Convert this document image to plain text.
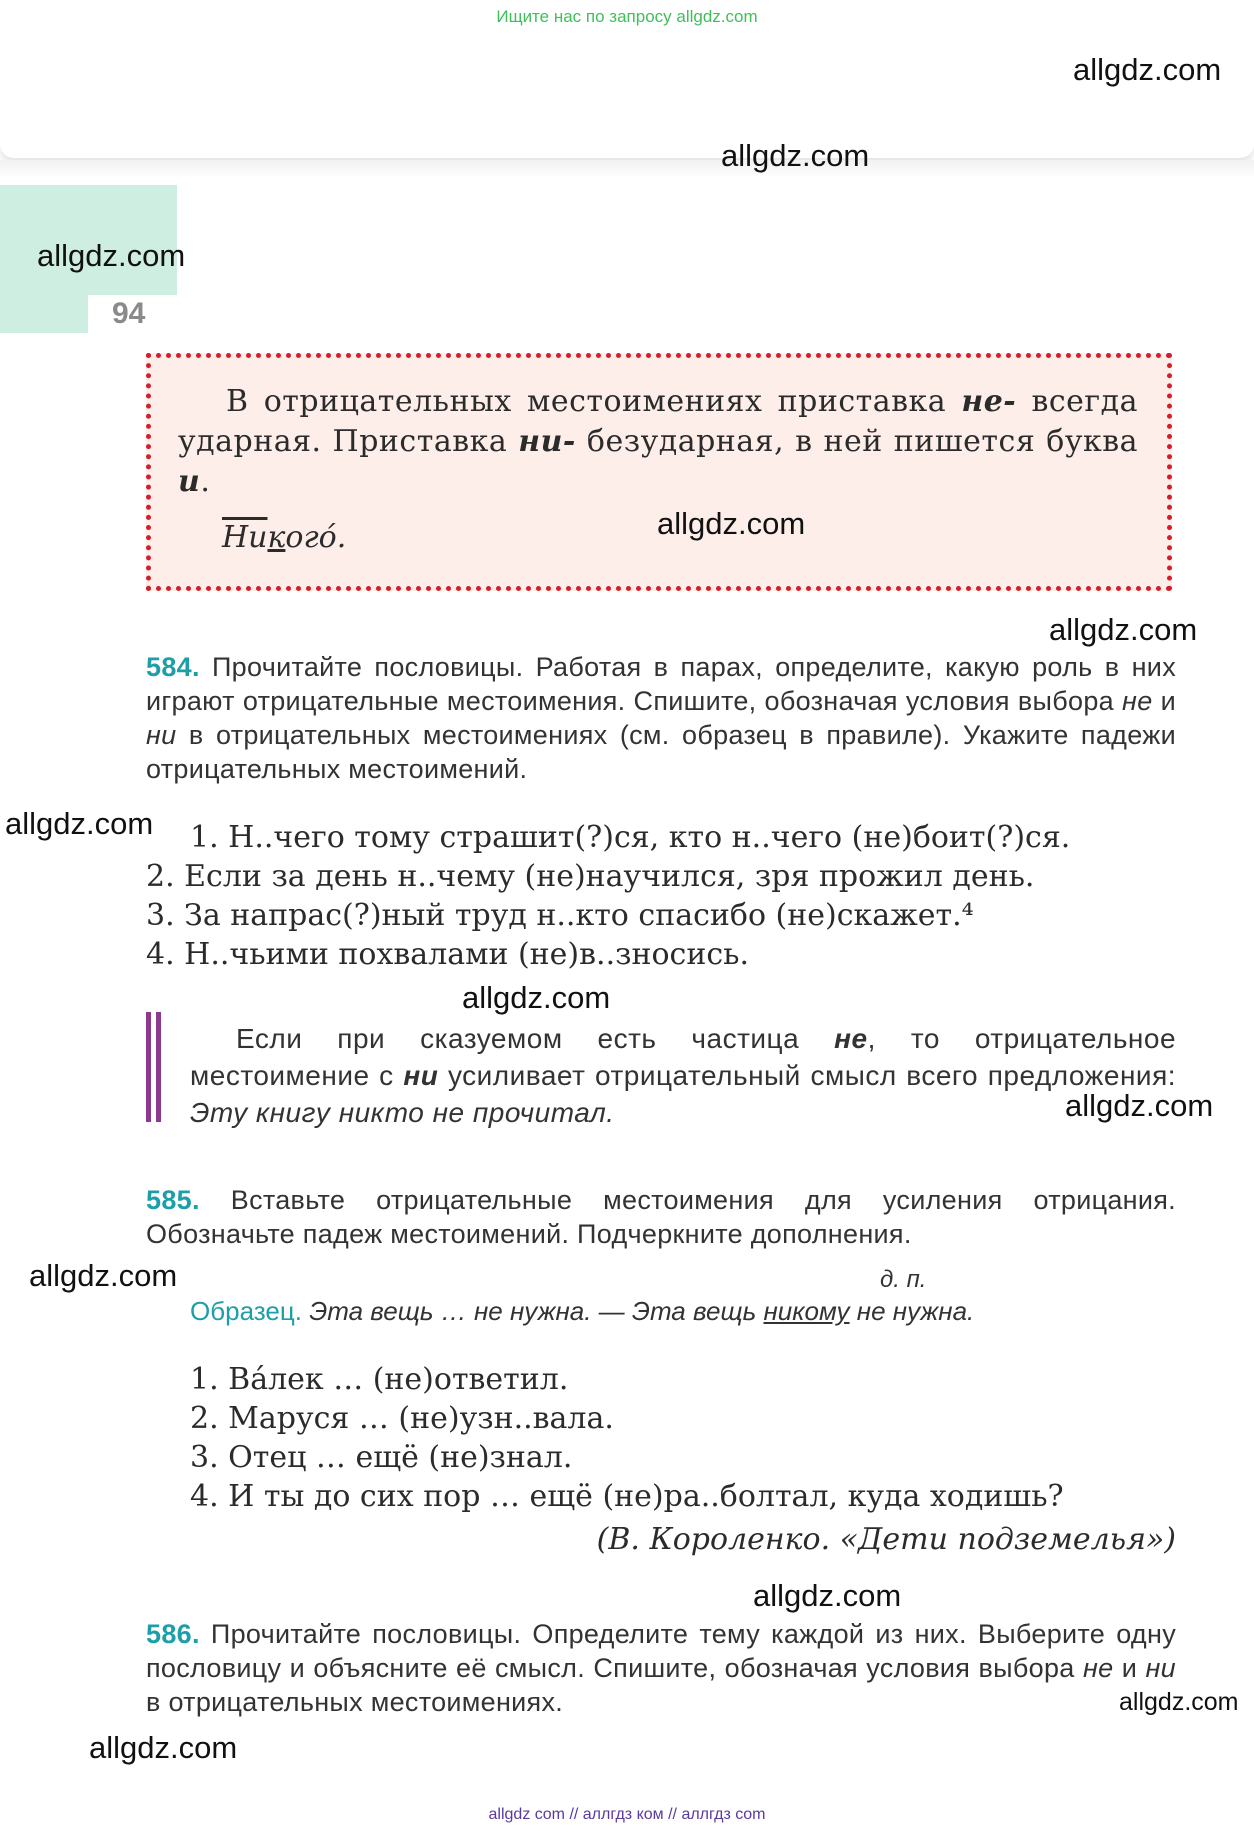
Ищите нас по запросу allgdz.com
allgdz.com
allgdz.com
94
allgdz.com

В отрицательных местоимениях приставка не- всегда ударная. Приставка ни- безударная, в ней пишется буква и.

Никого́.	allgdz.com
allgdz.com
584. Прочитайте пословицы. Работая в парах, определите, какую роль в них играют отрицательные местоимения. Спишите, обозначая условия выбора не и ни в отрицательных местоимениях (см. образец в правиле). Укажите падежи отрицательных местоимений.
allgdz.com	1. Н..чего тому страшит(?)ся, кто н..чего (не)боит(?)ся.
2. Если за день н..чему (не)научился, зря прожил день.
3. За напрас(?)ный труд н..кто спасибо (не)скажет.⁴
4. Н..чьими похвалами (не)в..зносись.
allgdz.com

Если при сказуемом есть частица не, то отрицательное местоимение с ни усиливает отрицательный смысл всего предложения: Эту книгу никто не прочитал.	allgdz.com
585. Вставьте отрицательные местоимения для усиления отрицания. Обозначьте падеж местоимений. Подчеркните дополнения.
allgdz.com	д. п.
Образец. Эта вещь … не нужна. — Эта вещь никому не нужна.
1. Ва́лек … (не)ответил.
2. Маруся … (не)узн..вала.
3. Отец … ещё (не)знал.
4. И ты до сих пор … ещё (не)ра..болтал, куда ходишь?
(В. Короленко. «Дети подземелья»)
allgdz.com
586. Прочитайте пословицы. Определите тему каждой из них. Выберите одну пословицу и объясните её смысл. Спишите, обозначая условия выбора не и ни в отрицательных местоимениях.	allgdz.com
allgdz.com
allgdz com // аллгдз ком // аллгдз com
